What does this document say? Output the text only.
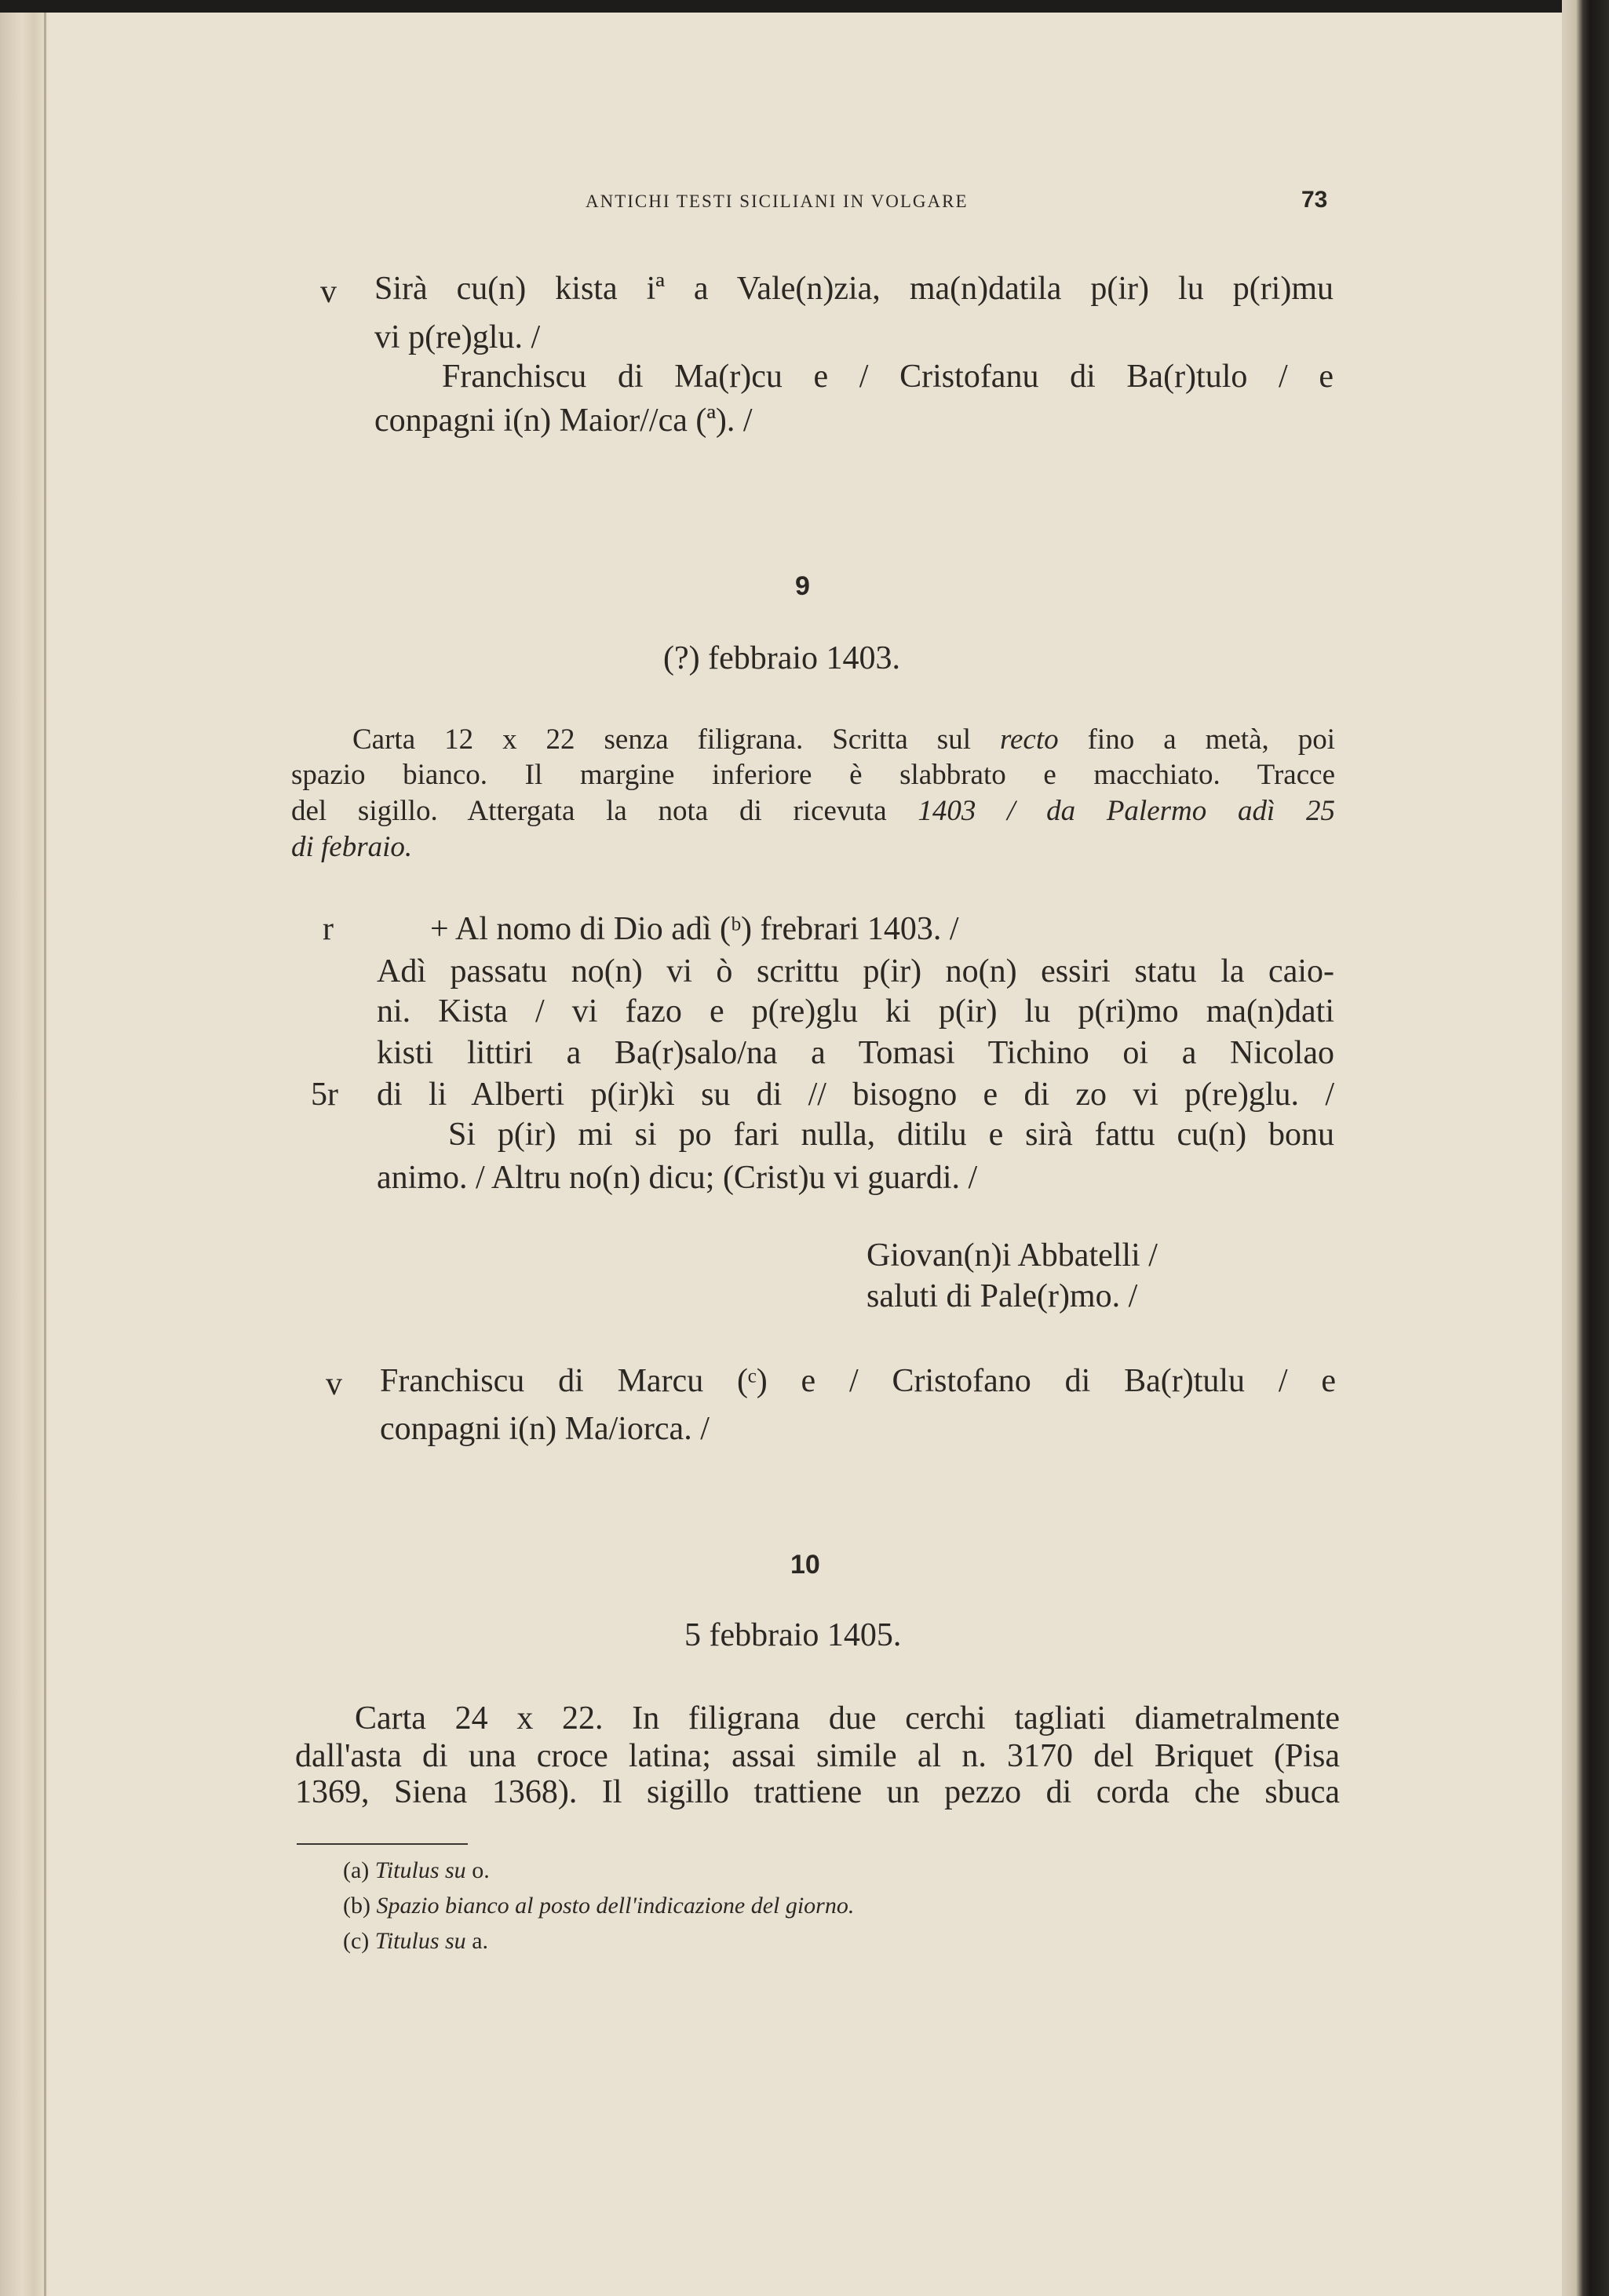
ANTICHI TESTI SICILIANI IN VOLGARE	73
v Sirà cu(n) kista iª a Vale(n)zia, ma(n)datila p(ir) lu p(ri)mu
vi p(re)glu. /
Franchiscu di Ma(r)cu e / Cristofanu di Ba(r)tulo / e
conpagni i(n) Maior//ca (ª). /
9
(?) febbraio 1403.
Carta 12 x 22 senza filigrana. Scritta sul recto fino a metà, poi
spazio bianco. Il margine inferiore è slabbrato e macchiato. Tracce
del sigillo. Attergata la nota di ricevuta 1403 / da Palermo adì 25
di febraio.
r	+ Al nomo di Dio adì (ᵇ) frebrari 1403. /
Adì passatu no(n) vi ò scrittu p(ir) no(n) essiri statu la caio-
ni. Kista / vi fazo e p(re)glu ki p(ir) lu p(ri)mo ma(n)dati
kisti littiri a Ba(r)salo/na a Tomasi Tichino oi a Nicolao
5r di li Alberti p(ir)kì su di // bisogno e di zo vi p(re)glu. /
Si p(ir) mi si po fari nulla, ditilu e sirà fattu cu(n) bonu
animo. / Altru no(n) dicu; (Crist)u vi guardi. /
Giovan(n)i Abbatelli /
saluti di Pale(r)mo. /
v Franchiscu di Marcu (ᶜ) e / Cristofano di Ba(r)tulu / e
conpagni i(n) Ma/iorca. /
10
5 febbraio 1405.
Carta 24 x 22. In filigrana due cerchi tagliati diametralmente
dall'asta di una croce latina; assai simile al n. 3170 del Briquet (Pisa
1369, Siena 1368). Il sigillo trattiene un pezzo di corda che sbuca
(a) Titulus su o.
(b) Spazio bianco al posto dell'indicazione del giorno.
(c) Titulus su a.
